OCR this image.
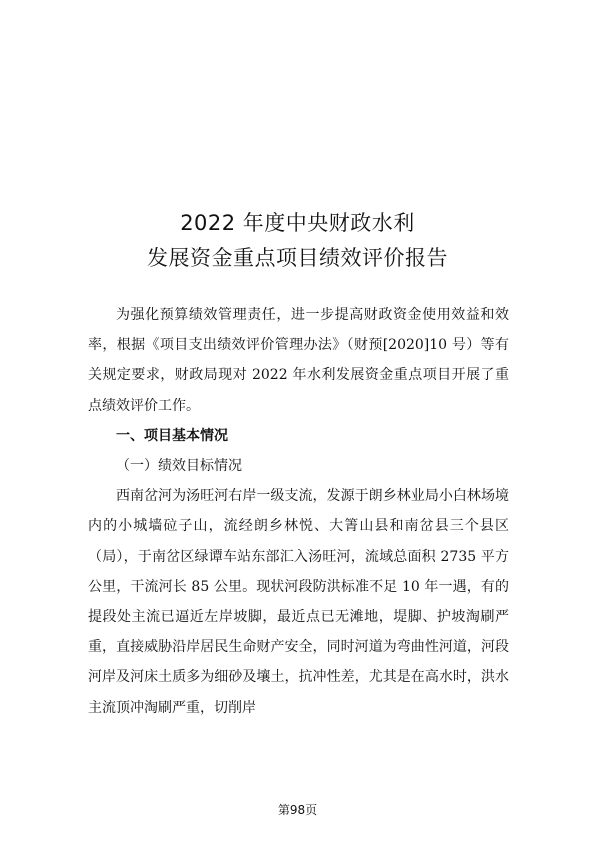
2022 年度中央财政水利
发展资金重点项目绩效评价报告

为强化预算绩效管理责任，进一步提高财政资金使用效益和效率，根据《项目支出绩效评价管理办法》（财预[2020]10 号）等有关规定要求，财政局现对 2022 年水利发展资金重点项目开展了重点绩效评价工作。

一、项目基本情况

（一）绩效目标情况

西南岔河为汤旺河右岸一级支流，发源于朗乡林业局小白林场境内的小城墙砬子山，流经朗乡林悦、大箐山县和南岔县三个县区（局），于南岔区绿谭车站东部汇入汤旺河，流域总面积 2735 平方公里，干流河长 85 公里。现状河段防洪标准不足 10 年一遇，有的提段处主流已逼近左岸坡脚，最近点已无滩地，堤脚、护坡淘刷严重，直接威胁沿岸居民生命财产安全，同时河道为弯曲性河道，河段河岸及河床土质多为细砂及壤土，抗冲性差，尤其是在高水时，洪水主流顶冲淘刷严重，切削岸

第98页
